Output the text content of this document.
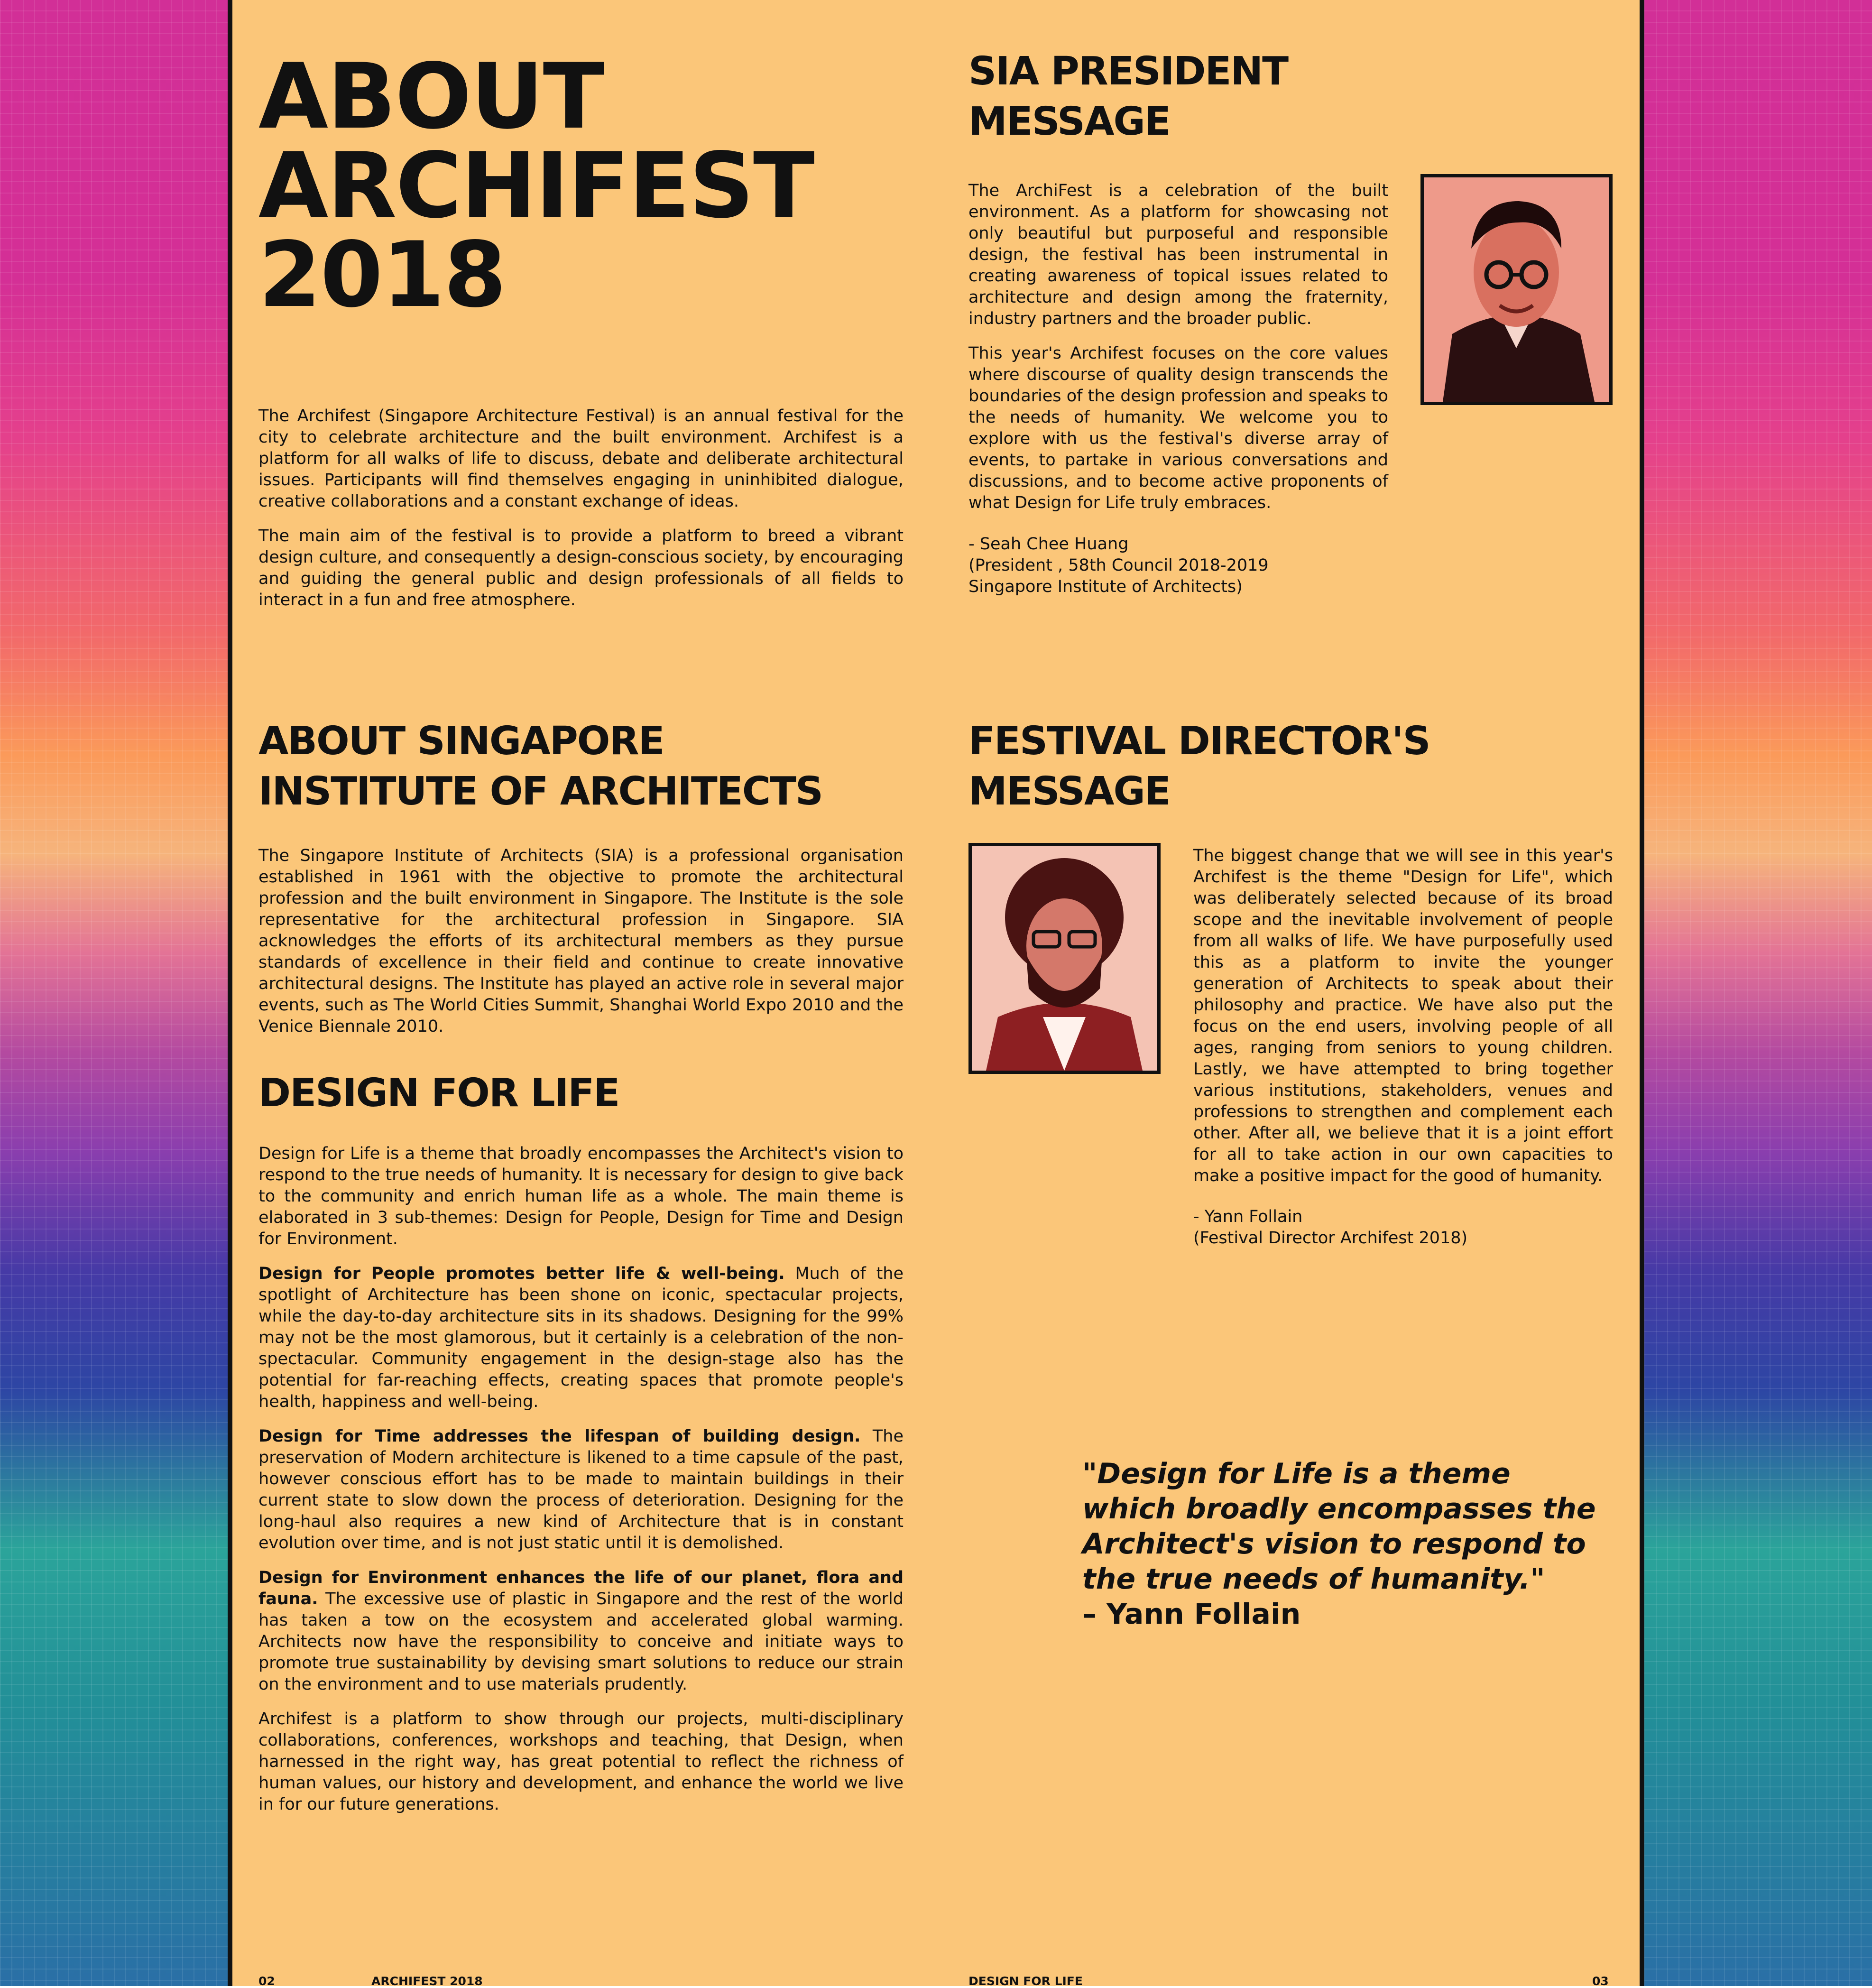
ABOUT
ARCHIFEST
2018

The Archifest (Singapore Architecture Festival) is an annual festival for the city to celebrate architecture and the built environment. Archifest is a platform for all walks of life to discuss, debate and deliberate architectural issues. Participants will find themselves engaging in uninhibited dialogue, creative collaborations and a constant exchange of ideas.

The main aim of the festival is to provide a platform to breed a vibrant design culture, and consequently a design-conscious society, by encouraging and guiding the general public and design professionals of all fields to interact in a fun and free atmosphere.

ABOUT SINGAPORE
INSTITUTE OF ARCHITECTS

The Singapore Institute of Architects (SIA) is a professional organisation established in 1961 with the objective to promote the architectural profession and the built environment in Singapore. The Institute is the sole representative for the architectural profession in Singapore. SIA acknowledges the efforts of its architectural members as they pursue standards of excellence in their field and continue to create innovative architectural designs. The Institute has played an active role in several major events, such as The World Cities Summit, Shanghai World Expo 2010 and the Venice Biennale 2010.

DESIGN FOR LIFE

Design for Life is a theme that broadly encompasses the Architect's vision to respond to the true needs of humanity. It is necessary for design to give back to the community and enrich human life as a whole. The main theme is elaborated in 3 sub-themes: Design for People, Design for Time and Design for Environment.

Design for People promotes better life & well-being. Much of the spotlight of Architecture has been shone on iconic, spectacular projects, while the day-to-day architecture sits in its shadows. Designing for the 99% may not be the most glamorous, but it certainly is a celebration of the non-spectacular. Community engagement in the design-stage also has the potential for far-reaching effects, creating spaces that promote people's health, happiness and well-being.

Design for Time addresses the lifespan of building design. The preservation of Modern architecture is likened to a time capsule of the past, however conscious effort has to be made to maintain buildings in their current state to slow down the process of deterioration. Designing for the long-haul also requires a new kind of Architecture that is in constant evolution over time, and is not just static until it is demolished.

Design for Environment enhances the life of our planet, flora and fauna. The excessive use of plastic in Singapore and the rest of the world has taken a tow on the ecosystem and accelerated global warming. Architects now have the responsibility to conceive and initiate ways to promote true sustainability by devising smart solutions to reduce our strain on the environment and to use materials prudently.

Archifest is a platform to show through our projects, multi-disciplinary collaborations, conferences, workshops and teaching, that Design, when harnessed in the right way, has great potential to reflect the richness of human values, our history and development, and enhance the world we live in for our future generations.

SIA PRESIDENT
MESSAGE

The ArchiFest is a celebration of the built environment. As a platform for showcasing not only beautiful but purposeful and responsible design, the festival has been instrumental in creating awareness of topical issues related to architecture and design among the fraternity, industry partners and the broader public.

This year's Archifest focuses on the core values where discourse of quality design transcends the boundaries of the design profession and speaks to the needs of humanity. We welcome you to explore with us the festival's diverse array of events, to partake in various conversations and discussions, and to become active proponents of what Design for Life truly embraces.

- Seah Chee Huang
(President , 58th Council 2018-2019
Singapore Institute of Architects)
FESTIVAL DIRECTOR'S
MESSAGE

The biggest change that we will see in this year's Archifest is the theme "Design for Life", which was deliberately selected because of its broad scope and the inevitable involvement of people from all walks of life. We have purposefully used this as a platform to invite the younger generation of Architects to speak about their philosophy and practice. We have also put the focus on the end users, involving people of all ages, ranging from seniors to young children. Lastly, we have attempted to bring together various institutions, stakeholders, venues and professions to strengthen and complement each other. After all, we believe that it is a joint effort for all to take action in our own capacities to make a positive impact for the good of humanity.

- Yann Follain
(Festival Director Archifest 2018)
"Design for Life is a theme which broadly encompasses the Architect's vision to respond to the true needs of humanity."
– Yann Follain
02	ARCHIFEST 2018	DESIGN FOR LIFE	03
